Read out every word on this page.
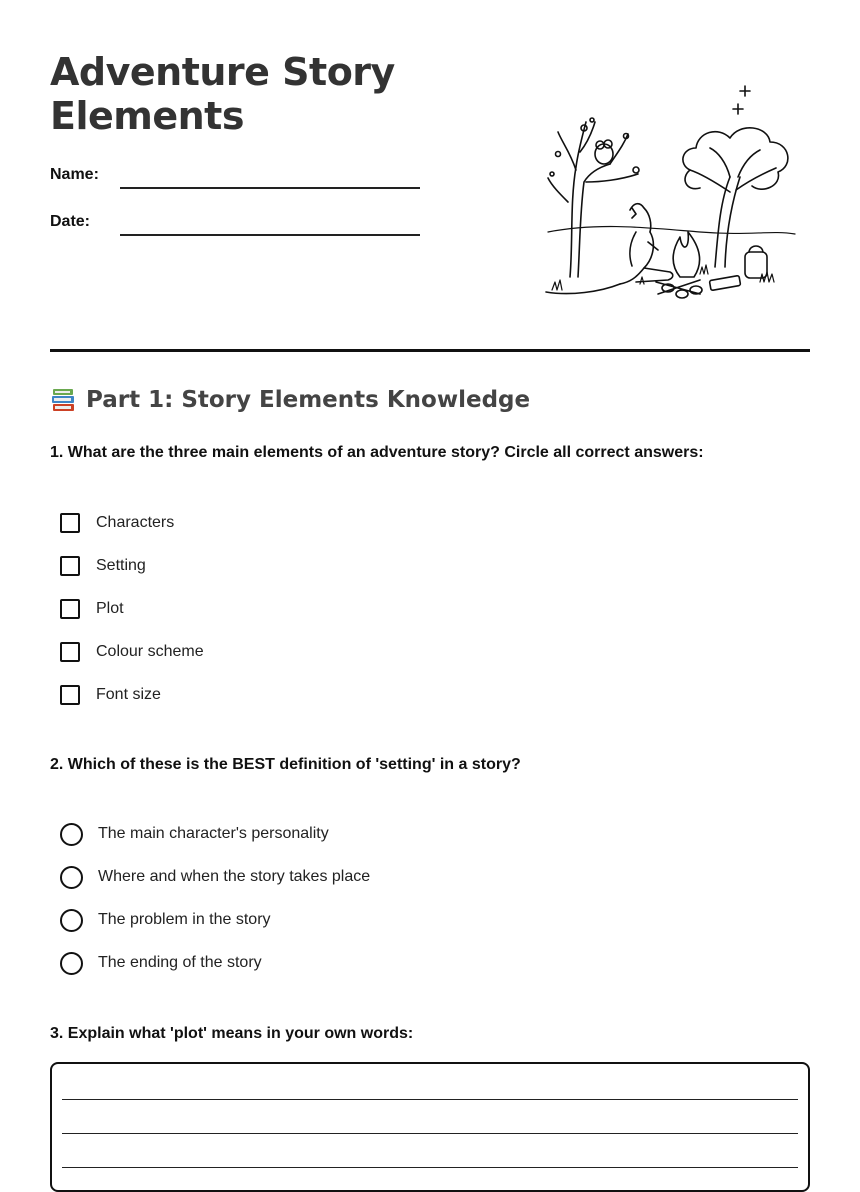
Adventure Story Elements
Name:
Date:
Part 1: Story Elements Knowledge

1. What are the three main elements of an adventure story? Circle all correct answers:

Characters
Setting
Plot
Colour scheme
Font size

2. Which of these is the BEST definition of 'setting' in a story?

The main character's personality
Where and when the story takes place
The problem in the story
The ending of the story

3. Explain what 'plot' means in your own words:
